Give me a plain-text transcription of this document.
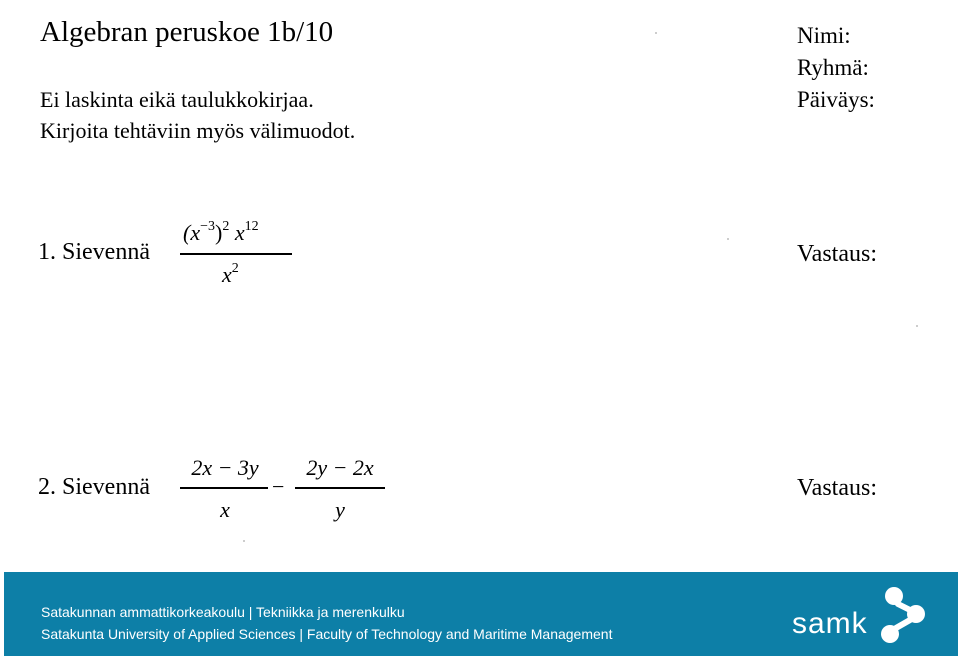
Algebran peruskoe 1b/10
Ei laskinta eikä taulukkokirjaa.
Kirjoita tehtäviin myös välimuodot.
Nimi:
Ryhmä:
Päiväys:
1. Sievennä
$(x^{-3})^2$ $x^{12}$
$x^2$
Vastaus:
2. Sievennä
2x − 3y
x
−
2y − 2x
y
Vastaus:
Satakunnan ammattikorkeakoulu | Tekniikka ja merenkulku
Satakunta University of Applied Sciences | Faculty of Technology and Maritime Management	samk
